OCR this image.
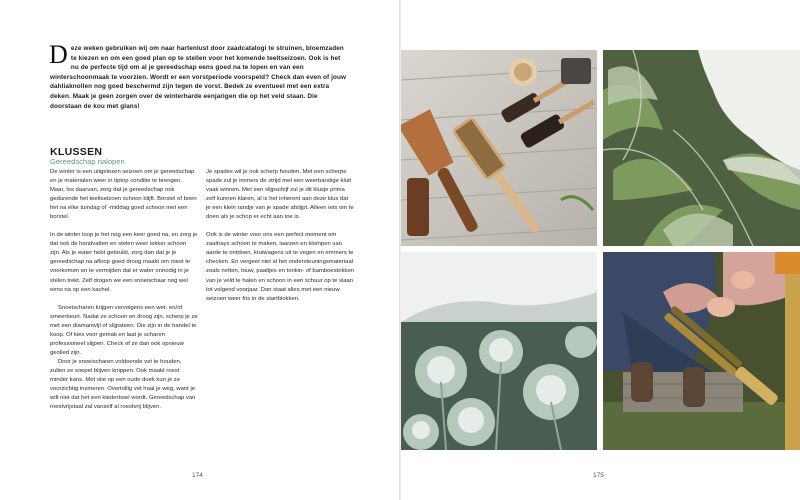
Deze weken gebruiken wij om naar hartenlust door zaadcatalogi te struinen, bloemzaden te kiezen en om een goed plan op te stellen voor het komende teeltseizoen. Ook is het nu de perfecte tijd om al je gereedschap eens goed na te lopen en van een winterschoonmaak te voorzien. Wordt er een vorstperiode voorspeld? Check dan even of jouw dahliaknollen nog goed beschermd zijn tegen de vorst. Bedek ze eventueel met een extra deken. Maak je geen zorgen over de winterharde eenjarigen die op het veld staan. Die doorstaan de kou met glans!
KLUSSEN
Gereedschap nalopen

De winter is een uitgelezen seizoen om je gereedschap en je materialen weer in tiptop conditie te brengen. Maar, los daarvan, zorg dat je gereedschap ook gedurende het teeltseizoen schoon blijft. Borstel of boen het na elke tuindag of -middag goed schoon met een borstel.

In de winter loop je het nog een keer goed na, en zorg je dat ook de handvatten en stelen weer lekker schoon zijn. Als je water hebt gebruikt, zorg dan dat je je gereedschap na afloop goed droog maakt om roest te voorkomen en te vermijden dat er water onnodig in je stelen trekt. Zelf drogen we een snoeischaar nog wel eens na op een kachel.

Snoeischaren krijgen vervolgens een wet- en/of smeerbeurt. Nadat ze schoon en droog zijn, scherp je ze met een diamantvijl of slijpsteen. Die zijn in de handel te koop. Of kies voor gemak en laat je scharen professioneel slijpen. Check of ze dan ook opnieuw geolied zijn.

Door je snoeischaren voldoende vet te houden, zullen ze soepel blijven knippen. Ook maakt roest minder kans. Met olie op een oude doek kun je ze voorzichtig insmeren. Overtollig vet haal je weg, want je wilt niet dat het een klederboel wordt. Gereedschap van roestvrijstaal zal vanzelf al roestvrij blijven.

Je spades wil je ook scherp houden. Met een scherpe spade zul je immers de strijd met een weerbarstige kluit vaak winnen. Met een slijpschijf zul je dit klusje prima zelf kunnen klaren, al is het inherent aan deze klus dat je een klein randje van je spade afslijpt. Alleen iets om te doen als je schop er echt aan toe is.

Ook is de winter voor ons een perfect moment om zaaitrays schoon te maken, laarzen en klompen van aarde te ontdoen, kruiwagens uit te vegen en emmers te checken. En vergeet niet al het ondersteuningsmateriaal zoals netten, touw, paaltjes en tonkin- of bamboestokken van je veld te halen en schoon in een schuur op te slaan tot volgend voorjaar. Dan staat alles met een nieuw seizoen weer fris in de startblokken.

174	175
